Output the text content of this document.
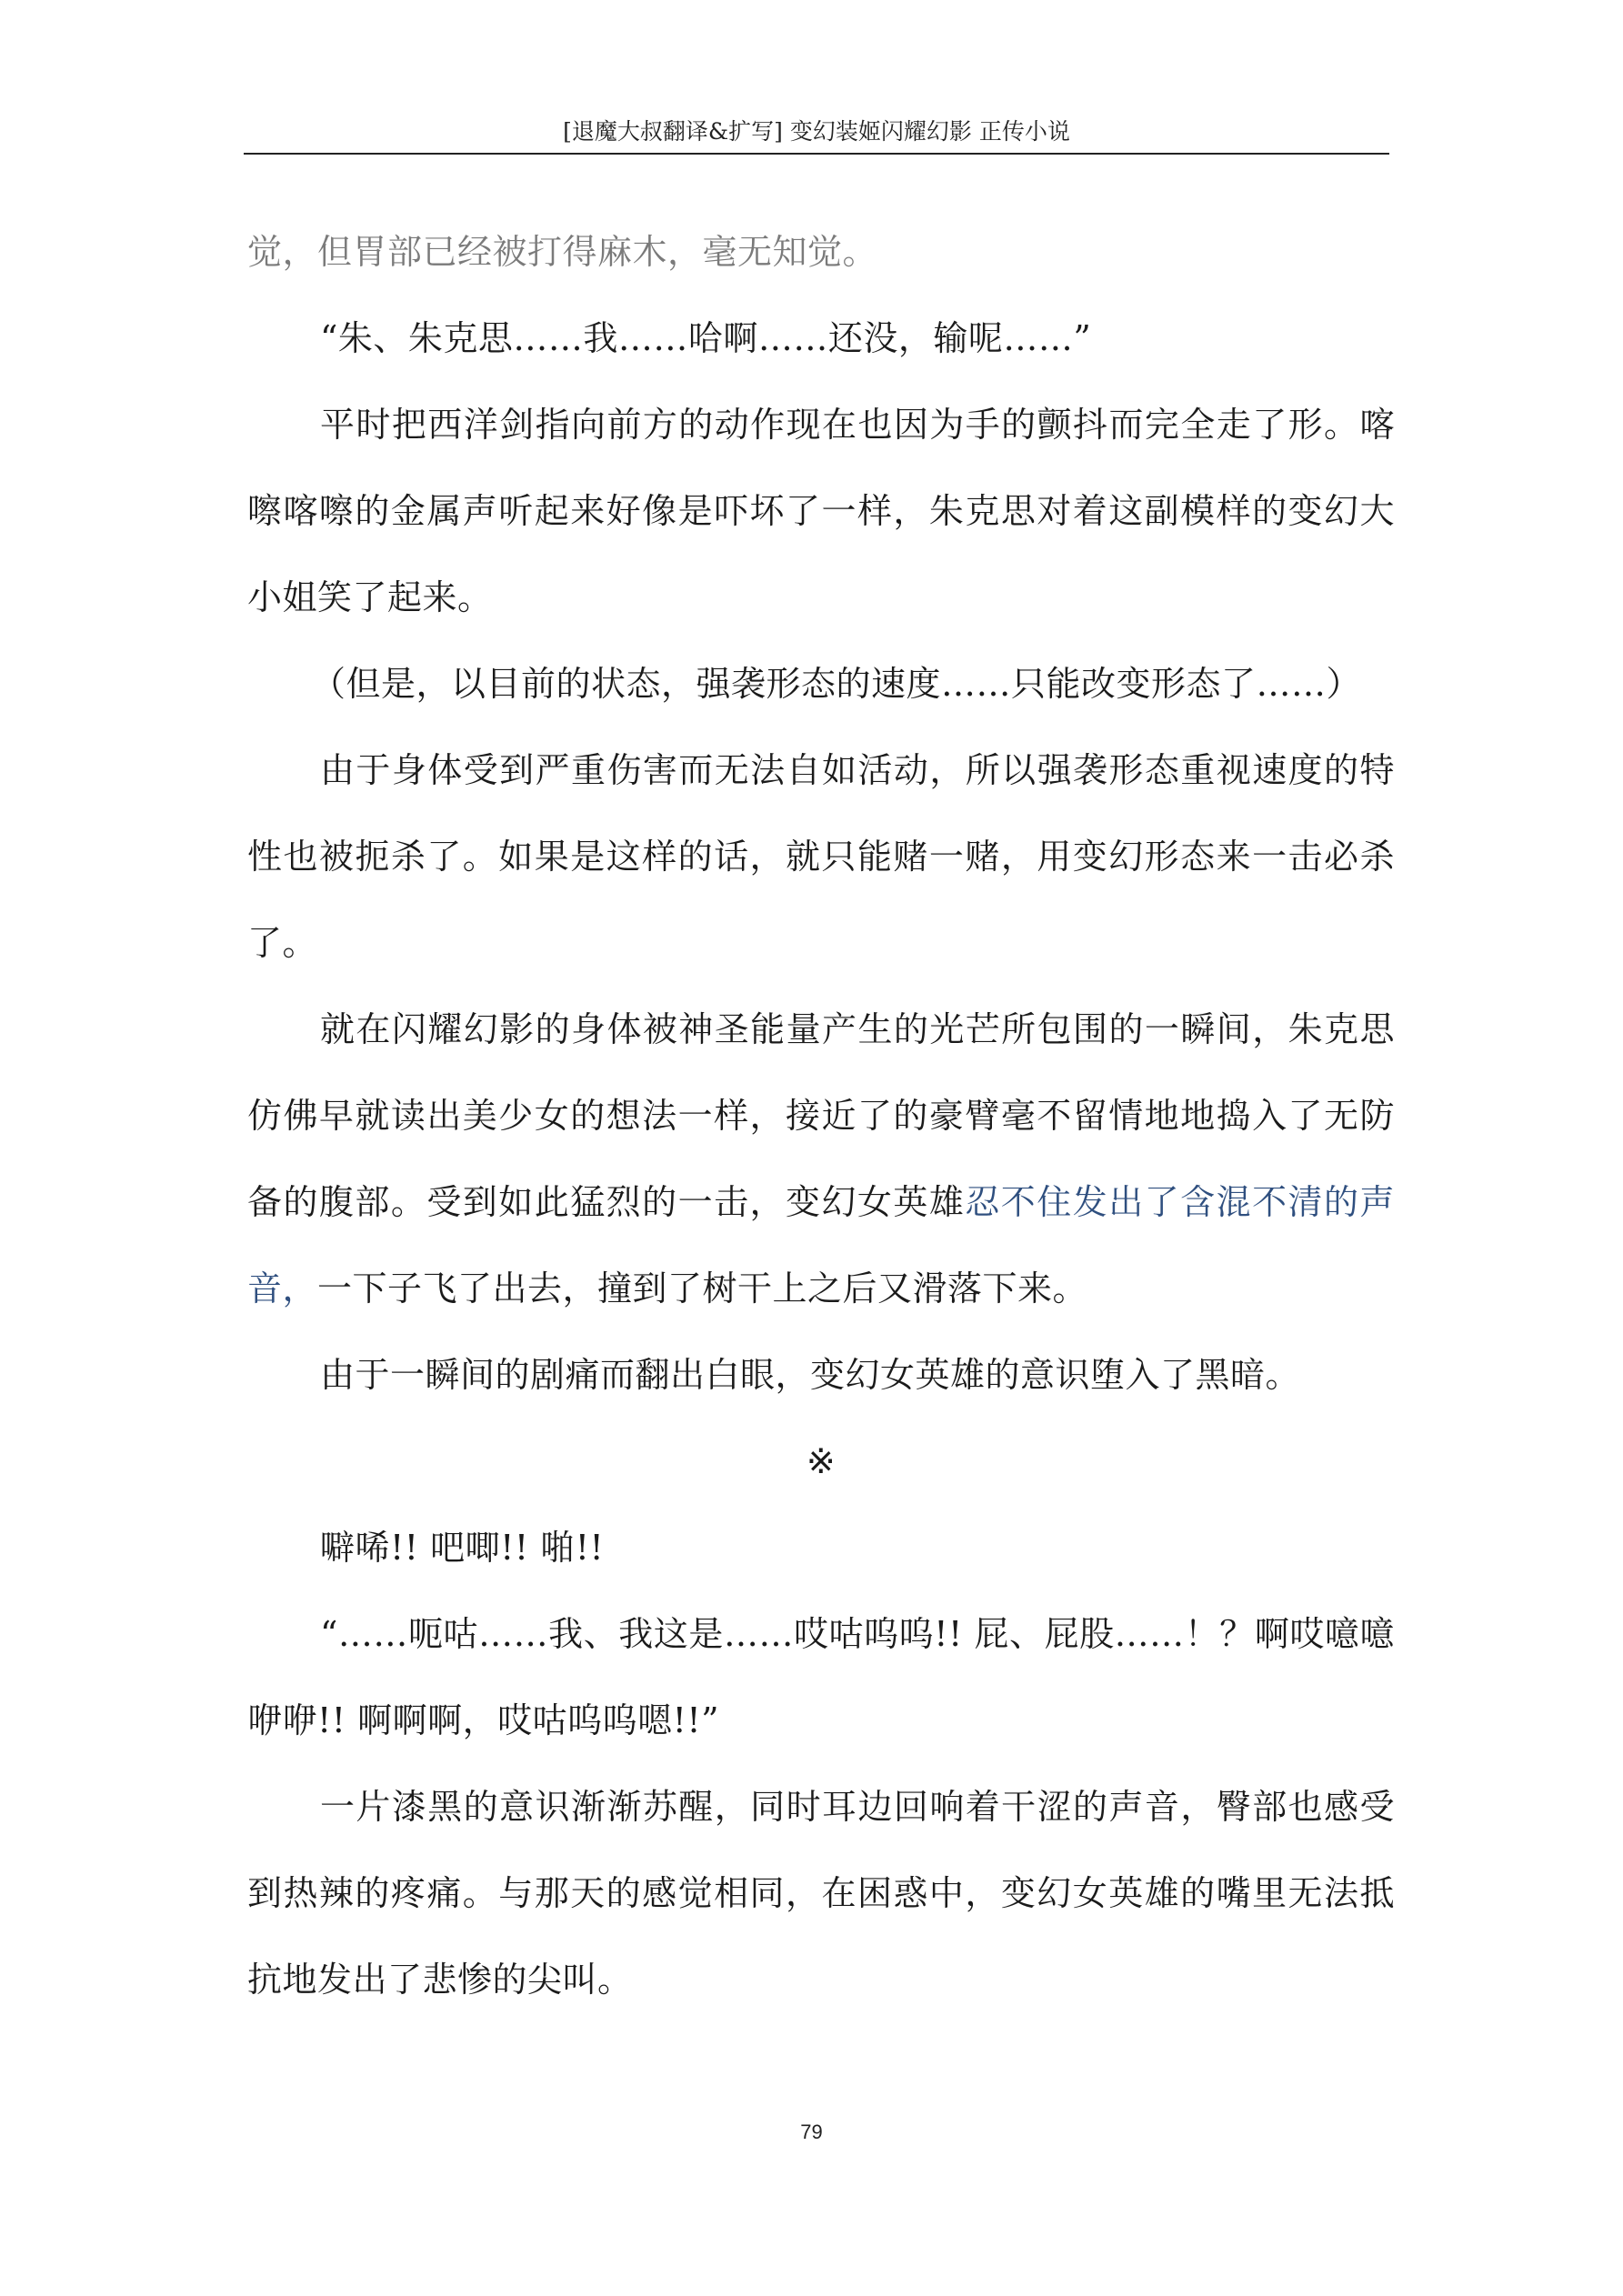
[退魔大叔翻译&扩写] 变幻装姬闪耀幻影 正传小说

觉，但胃部已经被打得麻木，毫无知觉。

“朱、朱克思……我……哈啊……还没，输呢……”

平时把西洋剑指向前方的动作现在也因为手的颤抖而完全走了形。喀嚓喀嚓的金属声听起来好像是吓坏了一样，朱克思对着这副模样的变幻大小姐笑了起来。

（但是，以目前的状态，强袭形态的速度……只能改变形态了……）

由于身体受到严重伤害而无法自如活动，所以强袭形态重视速度的特性也被扼杀了。如果是这样的话，就只能赌一赌，用变幻形态来一击必杀了。

就在闪耀幻影的身体被神圣能量产生的光芒所包围的一瞬间，朱克思仿佛早就读出美少女的想法一样，接近了的豪臂毫不留情地地捣入了无防备的腹部。受到如此猛烈的一击，变幻女英雄忍不住发出了含混不清的声音，一下子飞了出去，撞到了树干上之后又滑落下来。

由于一瞬间的剧痛而翻出白眼，变幻女英雄的意识堕入了黑暗。

※

噼唏!! 吧唧!! 啪!!

“……呃咕……我、我这是……哎咕呜呜!! 屁、屁股……！？啊哎噫噫咿咿!! 啊啊啊，哎咕呜呜嗯!!”

一片漆黑的意识渐渐苏醒，同时耳边回响着干涩的声音，臀部也感受到热辣的疼痛。与那天的感觉相同，在困惑中，变幻女英雄的嘴里无法抵抗地发出了悲惨的尖叫。

79
